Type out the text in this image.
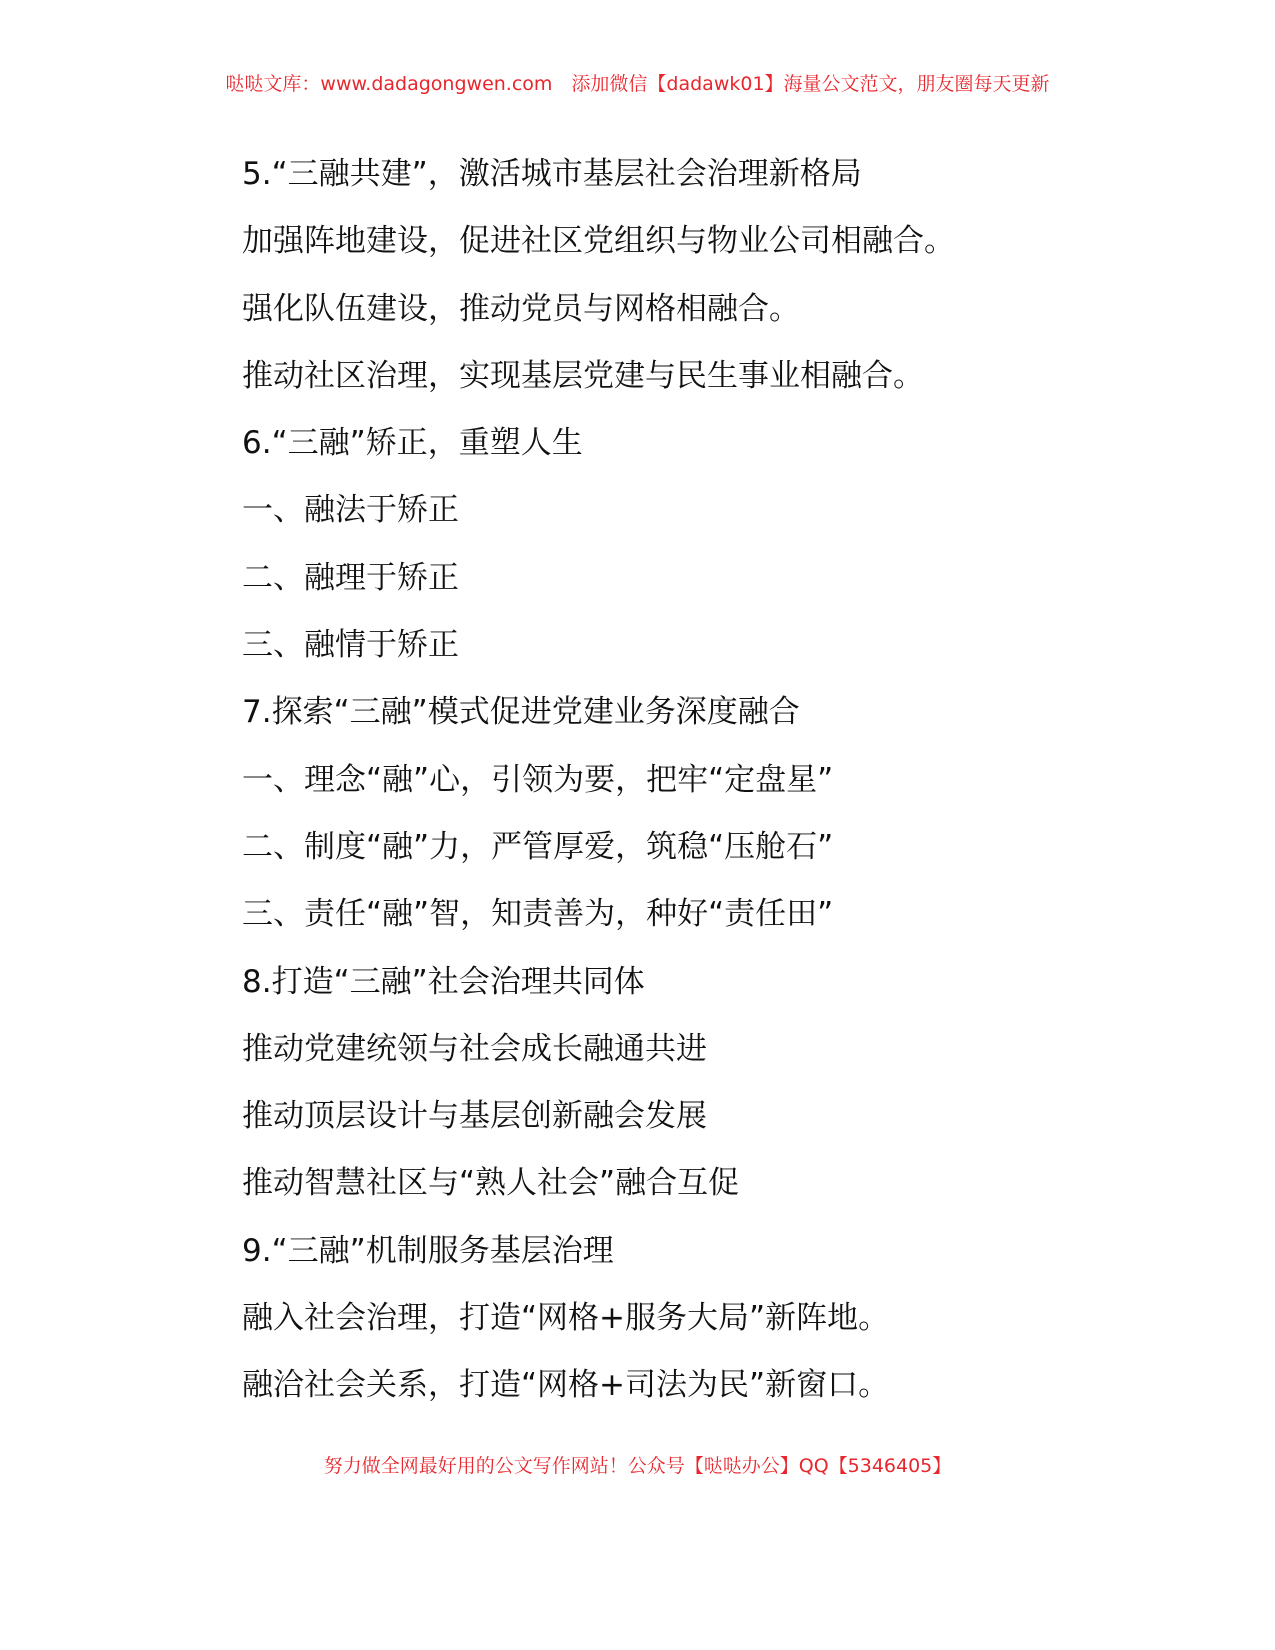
哒哒文库：www.dadagongwen.com　添加微信【dadawk01】海量公文范文，朋友圈每天更新
5.“三融共建”，激活城市基层社会治理新格局
加强阵地建设，促进社区党组织与物业公司相融合。
强化队伍建设，推动党员与网格相融合。
推动社区治理，实现基层党建与民生事业相融合。
6.“三融”矫正，重塑人生
一、融法于矫正
二、融理于矫正
三、融情于矫正
7.探索“三融”模式促进党建业务深度融合
一、理念“融”心，引领为要，把牢“定盘星”
二、制度“融”力，严管厚爱，筑稳“压舱石”
三、责任“融”智，知责善为，种好“责任田”
8.打造“三融”社会治理共同体
推动党建统领与社会成长融通共进
推动顶层设计与基层创新融会发展
推动智慧社区与“熟人社会”融合互促
9.“三融”机制服务基层治理
融入社会治理，打造“网格+服务大局”新阵地。
融洽社会关系，打造“网格+司法为民”新窗口。
努力做全网最好用的公文写作网站！公众号【哒哒办公】QQ【5346405】
